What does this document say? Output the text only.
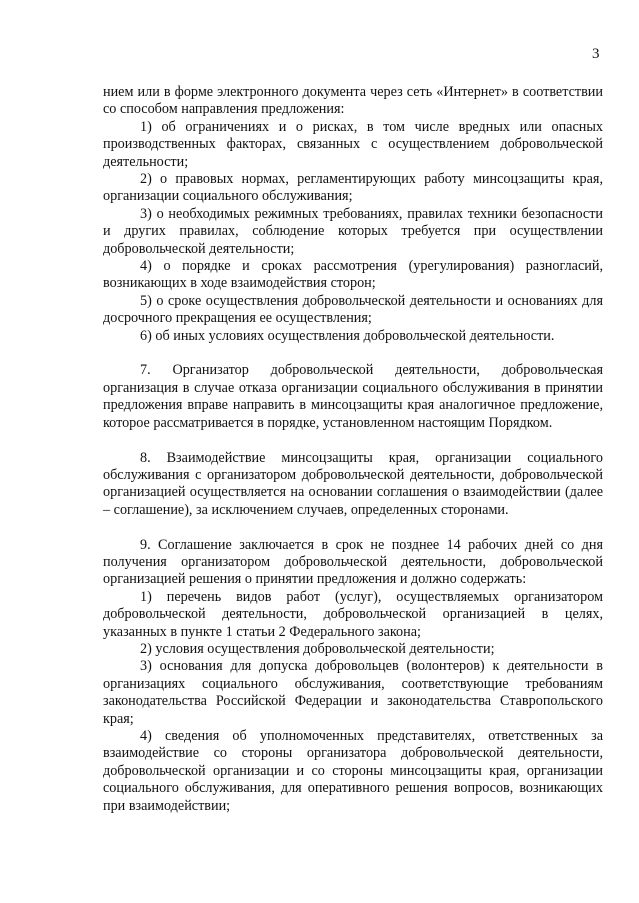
3

нием или в форме электронного документа через сеть «Интернет» в соответствии со способом направления предложения:

1) об ограничениях и о рисках, в том числе вредных или опасных производственных факторах, связанных с осуществлением добровольческой деятельности;

2) о правовых нормах, регламентирующих работу минсоцзащиты края, организации социального обслуживания;

3) о необходимых режимных требованиях, правилах техники безопасности и других правилах, соблюдение которых требуется при осуществлении добровольческой деятельности;

4) о порядке и сроках рассмотрения (урегулирования) разногласий, возникающих в ходе взаимодействия сторон;

5) о сроке осуществления добровольческой деятельности и основаниях для досрочного прекращения ее осуществления;

6) об иных условиях осуществления добровольческой деятельности.

7. Организатор добровольческой деятельности, добровольческая организация в случае отказа организации социального обслуживания в принятии предложения вправе направить в минсоцзащиты края аналогичное предложение, которое рассматривается в порядке, установленном настоящим Порядком.

8. Взаимодействие минсоцзащиты края, организации социального обслуживания с организатором добровольческой деятельности, добровольческой организацией осуществляется на основании соглашения о взаимодействии (далее – соглашение), за исключением случаев, определенных сторонами.

9. Соглашение заключается в срок не позднее 14 рабочих дней со дня получения организатором добровольческой деятельности, добровольческой организацией решения о принятии предложения и должно содержать:

1) перечень видов работ (услуг), осуществляемых организатором добровольческой деятельности, добровольческой организацией в целях, указанных в пункте 1 статьи 2 Федерального закона;

2) условия осуществления добровольческой деятельности;

3) основания для допуска добровольцев (волонтеров) к деятельности в организациях социального обслуживания, соответствующие требованиям законодательства Российской Федерации и законодательства Ставропольского края;

4) сведения об уполномоченных представителях, ответственных за взаимодействие со стороны организатора добровольческой деятельности, добровольческой организации и со стороны минсоцзащиты края, организации социального обслуживания, для оперативного решения вопросов, возникающих при взаимодействии;
